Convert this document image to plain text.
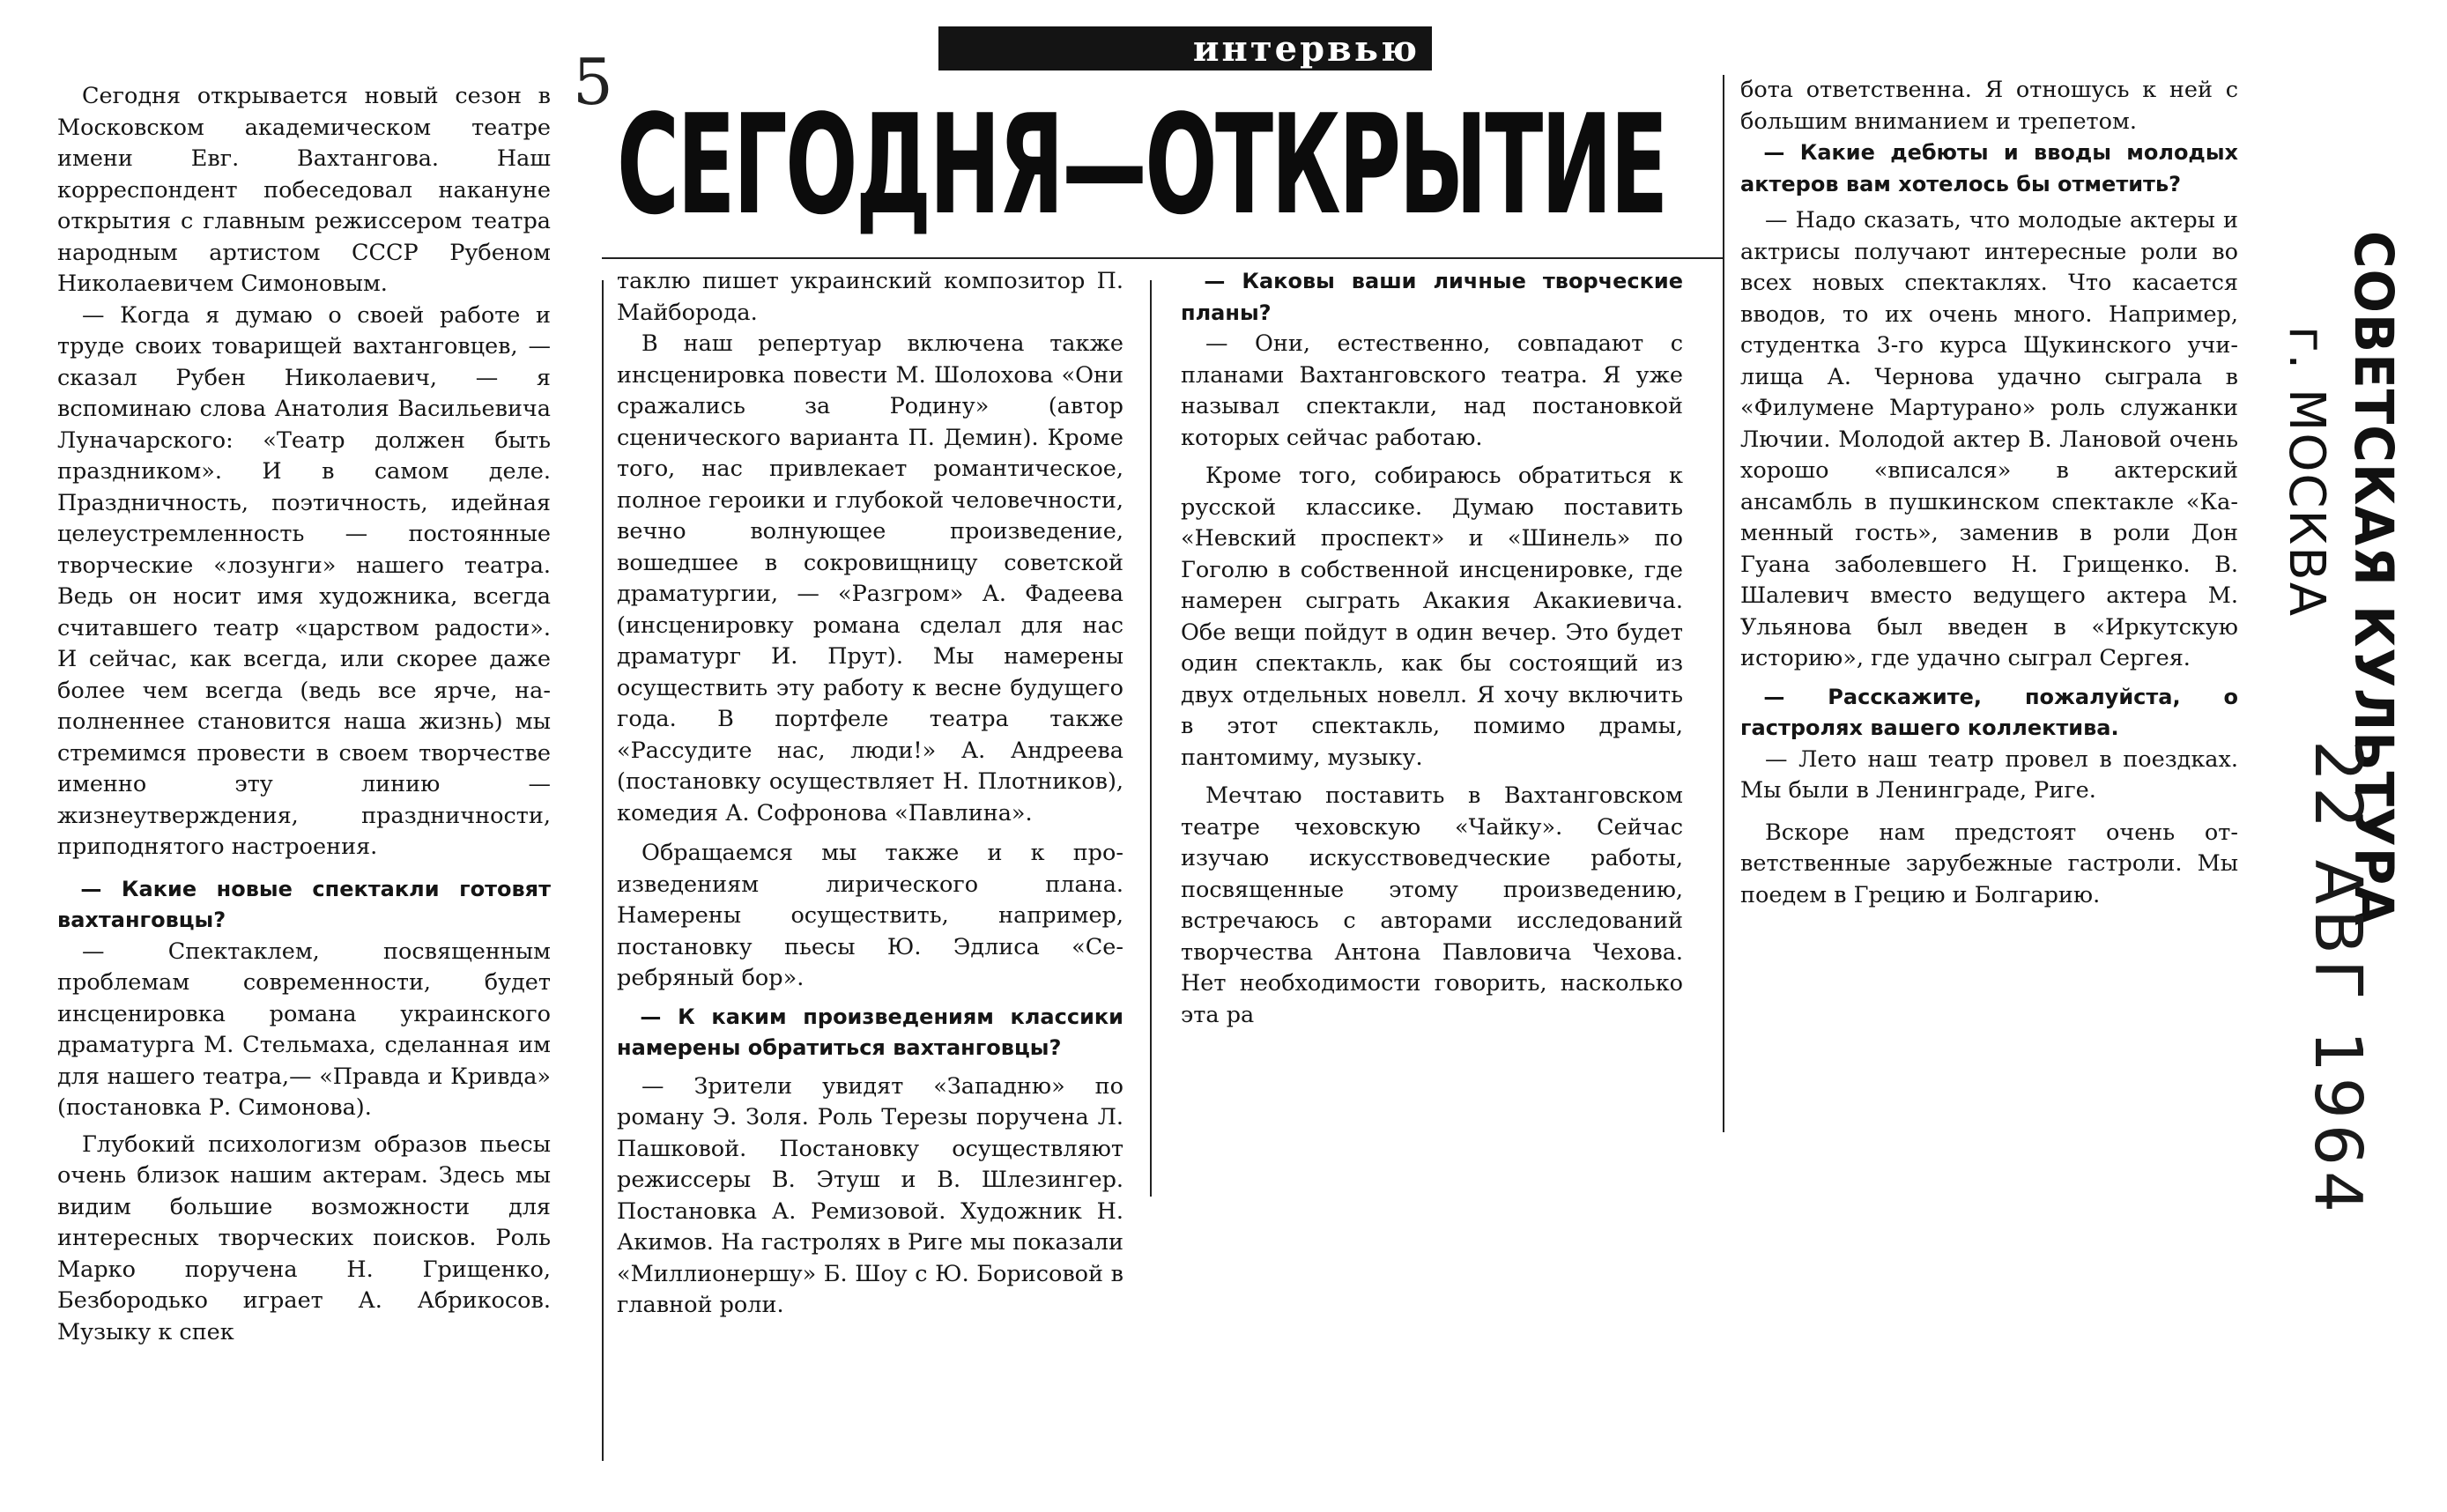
5	интервью
СЕГОДНЯ—ОТКРЫТИЕ

Сегодня открывается новый сезон в Московском академическом театре имени Евг. Вахтангова. Наш корреспондент побеседовал накануне открытия с главным режиссером театра народным артистом СССР Рубеном Николаевичем Симоновым.

— Когда я думаю о своей работе и труде своих товарищей вахтанговцев, — сказал Рубен Николаевич, — я вспоминаю слова Анатолия Васильевича Луначарского: «Театр должен быть праздником». И в самом деле. Праздничность, поэтичность, идейная целеустремленность — постоянные творческие «лозунги» нашего театра. Ведь он носит имя художника, всегда считавшего театр «царством радости». И сейчас, как всегда, или скорее даже более чем всегда (ведь все ярче, наполненнее становится наша жизнь) мы стремимся провести в своем творчестве именно эту линию — жизнеутверждения, праздничности, приподнятого настроения.

— Какие новые спектакли готовят вахтанговцы?

— Спектаклем, посвященным проблемам современности, будет инсценировка романа украинского драматурга М. Стельмаха, сделанная им для нашего театра,— «Правда и Кривда» (постановка Р. Симонова).

Глубокий психологизм образов пьесы очень близок нашим актерам. Здесь мы видим большие возможности для интересных творческих поисков. Роль Марко поручена Н. Грищенко, Безбородько играет А. Абрикосов. Музыку к спек

таклю пишет украинский композитор П. Майборода.

В наш репертуар включена также инсценировка повести М. Шолохова «Они сражались за Родину» (автор сценического варианта П. Демин). Кроме того, нас привлекает романтическое, полное героики и глубокой человечности, вечно волнующее произведение, вошедшее в сокровищницу советской драматургии, — «Разгром» А. Фадеева (инсценировку романа сделал для нас драматург И. Прут). Мы намерены осуществить эту работу к весне будущего года. В портфеле театра также «Рассудите нас, люди!» А. Андреева (постановку осуществляет Н. Плотников), комедия А. Софронова «Павлина».

Обращаемся мы также и к произведениям лирического плана. Намерены осуществить, например, постановку пьесы Ю. Эдлиса «Серебряный бор».

— К каким произведениям классики намерены обратиться вахтанговцы?

— Зрители увидят «Западню» по роману Э. Золя. Роль Терезы поручена Л. Пашковой. Постановку осуществляют режиссеры В. Этуш и В. Шлезингер. Постановка А. Ремизовой. Художник Н. Акимов. На гастролях в Риге мы показали «Миллионершу» Б. Шоу с Ю. Борисовой в главной роли.

— Каковы ваши личные творческие планы?

— Они, естественно, совпадают с планами Вахтанговского театра. Я уже называл спектакли, над постановкой которых сейчас работаю.

Кроме того, собираюсь обратиться к русской классике. Думаю поставить «Невский проспект» и «Шинель» по Гоголю в собственной инсценировке, где намерен сыграть Акакия Акакиевича. Обе вещи пойдут в один вечер. Это будет один спектакль, как бы состоящий из двух отдельных новелл. Я хочу включить в этот спектакль, помимо драмы, пантомиму, музыку.

Мечтаю поставить в Вахтанговском театре чеховскую «Чайку». Сейчас изучаю искусствоведческие работы, посвященные этому произведению, встречаюсь с авторами исследований творчества Антона Павловича Чехова. Нет необходимости говорить, насколько эта ра

бота ответственна. Я отношусь к ней с большим вниманием и трепетом.

— Какие дебюты и вводы молодых актеров вам хотелось бы отметить?

— Надо сказать, что молодые актеры и актрисы получают интересные роли во всех новых спектаклях. Что касается вводов, то их очень много. Например, студентка 3-го курса Щукинского училища А. Чернова удачно сыграла в «Филумене Мартурано» роль служанки Лючии. Молодой актер В. Лановой очень хорошо «вписался» в актерский ансамбль в пушкинском спектакле «Каменный гость», заменив в роли Дон Гуана заболевшего Н. Грищенко. В. Шалевич вместо ведущего актера М. Ульянова был введен в «Иркутскую историю», где удачно сыграл Сергея.

— Расскажите, пожалуйста, о гастролях вашего коллектива.

— Лето наш театр провел в поездках. Мы были в Ленинграде, Риге.

Вскоре нам предстоят очень ответственные зарубежные гастроли. Мы поедем в Грецию и Болгарию.	СОВЕТСКАЯ КУЛЬТУРА
г. МОСКВА
22 АВГ 1964
